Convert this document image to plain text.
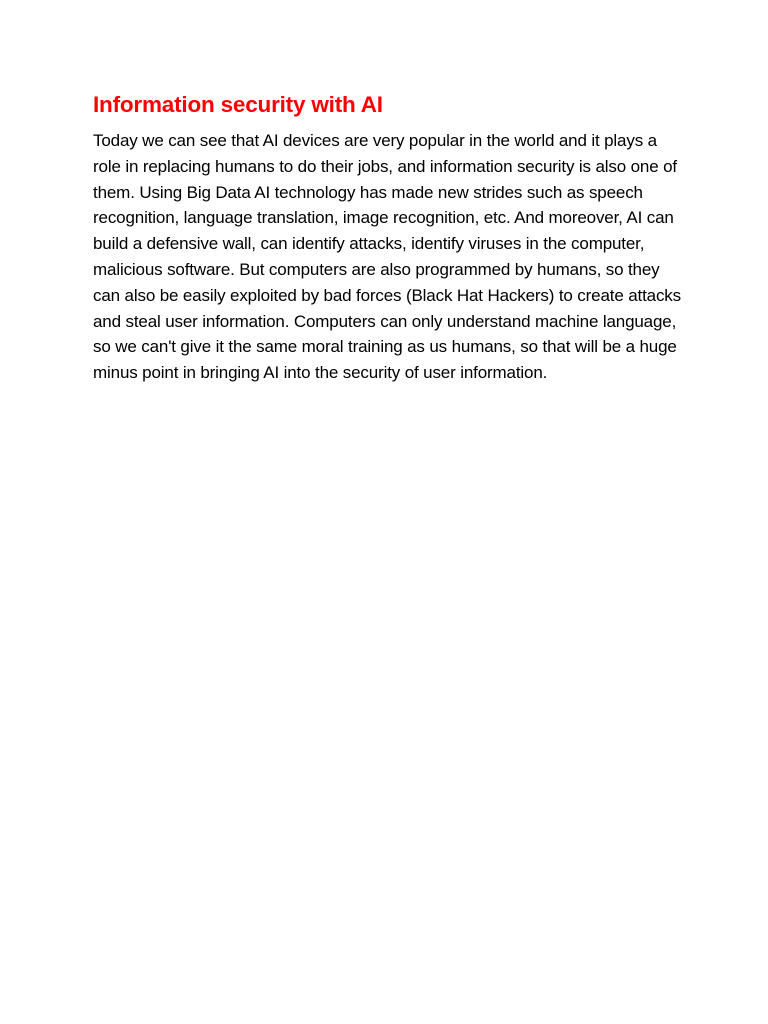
Information security with AI

Today we can see that AI devices are very popular in the world and it plays a role in replacing humans to do their jobs, and information security is also one of them. Using Big Data AI technology has made new strides such as speech recognition, language translation, image recognition, etc. And moreover, AI can build a defensive wall, can identify attacks, identify viruses in the computer, malicious software. But computers are also programmed by humans, so they can also be easily exploited by bad forces (Black Hat Hackers) to create attacks and steal user information. Computers can only understand machine language, so we can't give it the same moral training as us humans, so that will be a huge minus point in bringing AI into the security of user information.
